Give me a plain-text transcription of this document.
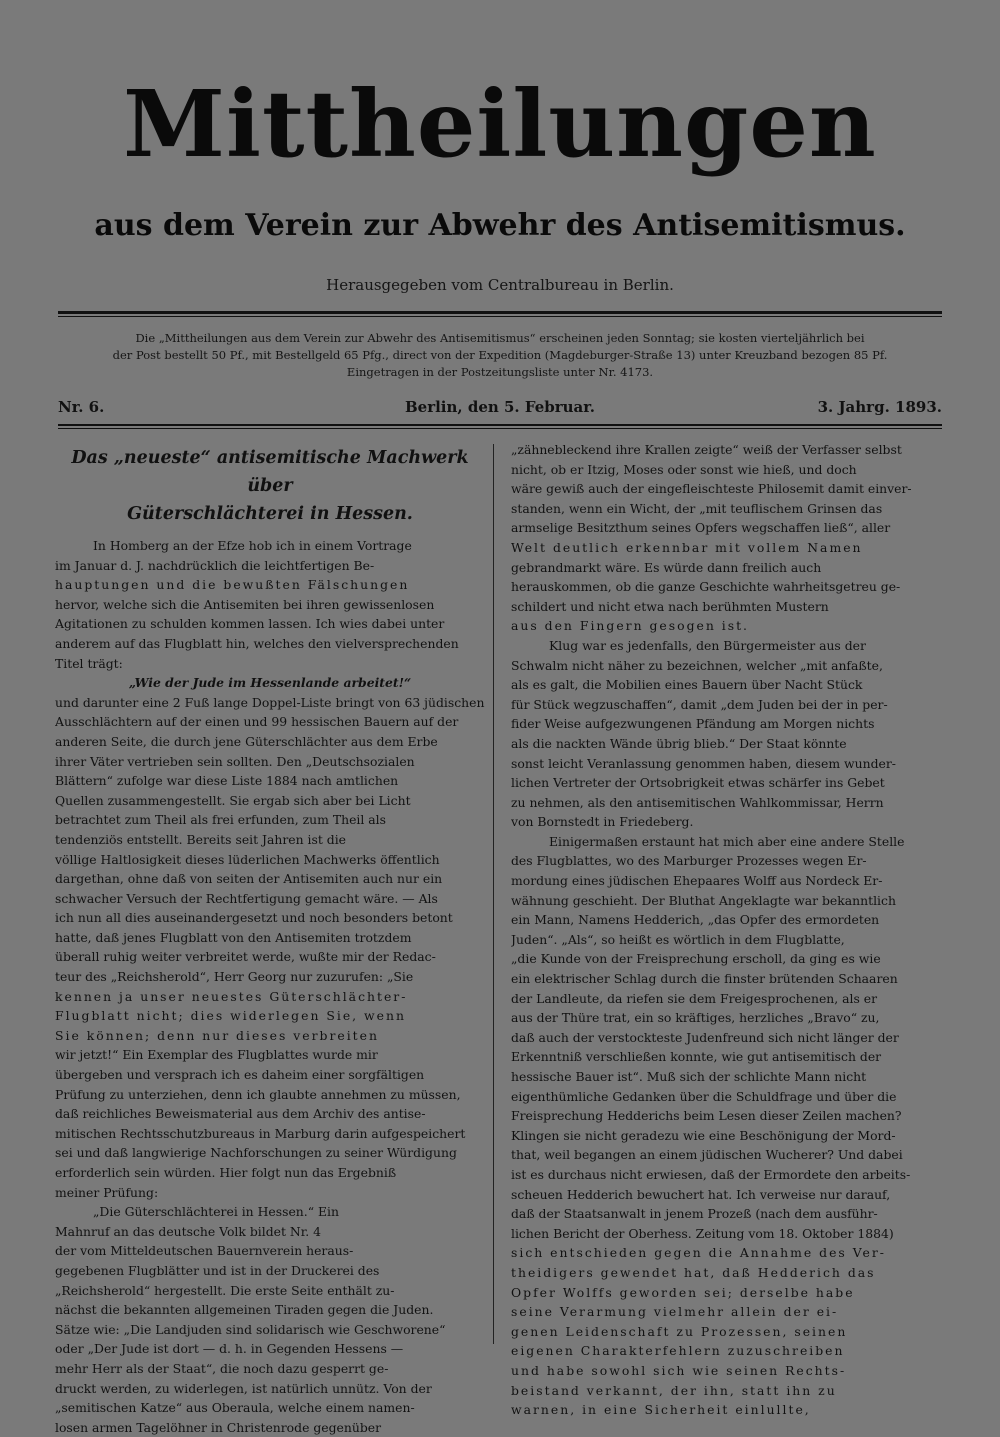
Mittheilungen
aus dem Verein zur Abwehr des Antisemitismus.
Herausgegeben vom Centralbureau in Berlin.
Die „Mittheilungen aus dem Verein zur Abwehr des Antisemitismus“ erscheinen jeden Sonntag; sie kosten vierteljährlich bei
der Post bestellt 50 Pf., mit Bestellgeld 65 Pfg., direct von der Expedition (Magdeburger-Straße 13) unter Kreuzband bezogen 85 Pf.
Eingetragen in der Postzeitungsliste unter Nr. 4173.
Nr. 6.	Berlin, den 5. Februar.	3. Jahrg. 1893.
Das „neueste“ antisemitische Machwerk über
Güterschlächterei in Hessen.
In Homberg an der Efze hob ich in einem Vortrage
im Januar d. J. nachdrücklich die leichtfertigen Be-
hauptungen und die bewußten Fälschungen
hervor, welche sich die Antisemiten bei ihren gewissenlosen
Agitationen zu schulden kommen lassen. Ich wies dabei unter
anderem auf das Flugblatt hin, welches den vielversprechenden
Titel trägt:
„Wie der Jude im Hessenlande arbeitet!“
und darunter eine 2 Fuß lange Doppel-Liste bringt von 63 jüdischen
Ausschlächtern auf der einen und 99 hessischen Bauern auf der
anderen Seite, die durch jene Güterschlächter aus dem Erbe
ihrer Väter vertrieben sein sollten. Den „Deutschsozialen
Blättern“ zufolge war diese Liste 1884 nach amtlichen
Quellen zusammengestellt. Sie ergab sich aber bei Licht
betrachtet zum Theil als frei erfunden, zum Theil als
tendenziös entstellt. Bereits seit Jahren ist die
völlige Haltlosigkeit dieses lüderlichen Machwerks öffentlich
dargethan, ohne daß von seiten der Antisemiten auch nur ein
schwacher Versuch der Rechtfertigung gemacht wäre. — Als
ich nun all dies auseinandergesetzt und noch besonders betont
hatte, daß jenes Flugblatt von den Antisemiten trotzdem
überall ruhig weiter verbreitet werde, wußte mir der Redac-
teur des „Reichsherold“, Herr Georg nur zuzurufen: „Sie
kennen ja unser neuestes Güterschlächter-
Flugblatt nicht; dies widerlegen Sie, wenn
Sie können; denn nur dieses verbreiten
wir jetzt!“ Ein Exemplar des Flugblattes wurde mir
übergeben und versprach ich es daheim einer sorgfältigen
Prüfung zu unterziehen, denn ich glaubte annehmen zu müssen,
daß reichliches Beweismaterial aus dem Archiv des antise-
mitischen Rechtsschutzbureaus in Marburg darin aufgespeichert
sei und daß langwierige Nachforschungen zu seiner Würdigung
erforderlich sein würden. Hier folgt nun das Ergebniß
meiner Prüfung:
„Die Güterschlächterei in Hessen.“ Ein
Mahnruf an das deutsche Volk bildet Nr. 4
der vom Mitteldeutschen Bauernverein heraus-
gegebenen Flugblätter und ist in der Druckerei des
„Reichsherold“ hergestellt. Die erste Seite enthält zu-
nächst die bekannten allgemeinen Tiraden gegen die Juden.
Sätze wie: „Die Landjuden sind solidarisch wie Geschworene“
oder „Der Jude ist dort — d. h. in Gegenden Hessens —
mehr Herr als der Staat“, die noch dazu gesperrt ge-
druckt werden, zu widerlegen, ist natürlich unnütz. Von der
„semitischen Katze“ aus Oberaula, welche einem namen-
losen armen Tagelöhner in Christenrode gegenüber
„zähnebleckend ihre Krallen zeigte“ weiß der Verfasser selbst
nicht, ob er Itzig, Moses oder sonst wie hieß, und doch
wäre gewiß auch der eingefleischteste Philosemit damit einver-
standen, wenn ein Wicht, der „mit teuflischem Grinsen das
armselige Besitzthum seines Opfers wegschaffen ließ“, aller
Welt deutlich erkennbar mit vollem Namen
gebrandmarkt wäre. Es würde dann freilich auch
herauskommen, ob die ganze Geschichte wahrheitsgetreu ge-
schildert und nicht etwa nach berühmten Mustern
aus den Fingern gesogen ist.
Klug war es jedenfalls, den Bürgermeister aus der
Schwalm nicht näher zu bezeichnen, welcher „mit anfaßte,
als es galt, die Mobilien eines Bauern über Nacht Stück
für Stück wegzuschaffen“, damit „dem Juden bei der in per-
fider Weise aufgezwungenen Pfändung am Morgen nichts
als die nackten Wände übrig blieb.“ Der Staat könnte
sonst leicht Veranlassung genommen haben, diesem wunder-
lichen Vertreter der Ortsobrigkeit etwas schärfer ins Gebet
zu nehmen, als den antisemitischen Wahlkommissar, Herrn
von Bornstedt in Friedeberg.
Einigermaßen erstaunt hat mich aber eine andere Stelle
des Flugblattes, wo des Marburger Prozesses wegen Er-
mordung eines jüdischen Ehepaares Wolff aus Nordeck Er-
wähnung geschieht. Der Bluthat Angeklagte war bekanntlich
ein Mann, Namens Hedderich, „das Opfer des ermordeten
Juden“. „Als“, so heißt es wörtlich in dem Flugblatte,
„die Kunde von der Freisprechung erscholl, da ging es wie
ein elektrischer Schlag durch die finster brütenden Schaaren
der Landleute, da riefen sie dem Freigesprochenen, als er
aus der Thüre trat, ein so kräftiges, herzliches „Bravo“ zu,
daß auch der verstockteste Judenfreund sich nicht länger der
Erkenntniß verschließen konnte, wie gut antisemitisch der
hessische Bauer ist“. Muß sich der schlichte Mann nicht
eigenthümliche Gedanken über die Schuldfrage und über die
Freisprechung Hedderichs beim Lesen dieser Zeilen machen?
Klingen sie nicht geradezu wie eine Beschönigung der Mord-
that, weil begangen an einem jüdischen Wucherer? Und dabei
ist es durchaus nicht erwiesen, daß der Ermordete den arbeits-
scheuen Hedderich bewuchert hat. Ich verweise nur darauf,
daß der Staatsanwalt in jenem Prozeß (nach dem ausführ-
lichen Bericht der Oberhess. Zeitung vom 18. Oktober 1884)
sich entschieden gegen die Annahme des Ver-
theidigers gewendet hat, daß Hedderich das
Opfer Wolffs geworden sei; derselbe habe
seine Verarmung vielmehr allein der ei-
genen Leidenschaft zu Prozessen, seinen
eigenen Charakterfehlern zuzuschreiben
und habe sowohl sich wie seinen Rechts-
beistand verkannt, der ihn, statt ihn zu
warnen, in eine Sicherheit einlullte,
